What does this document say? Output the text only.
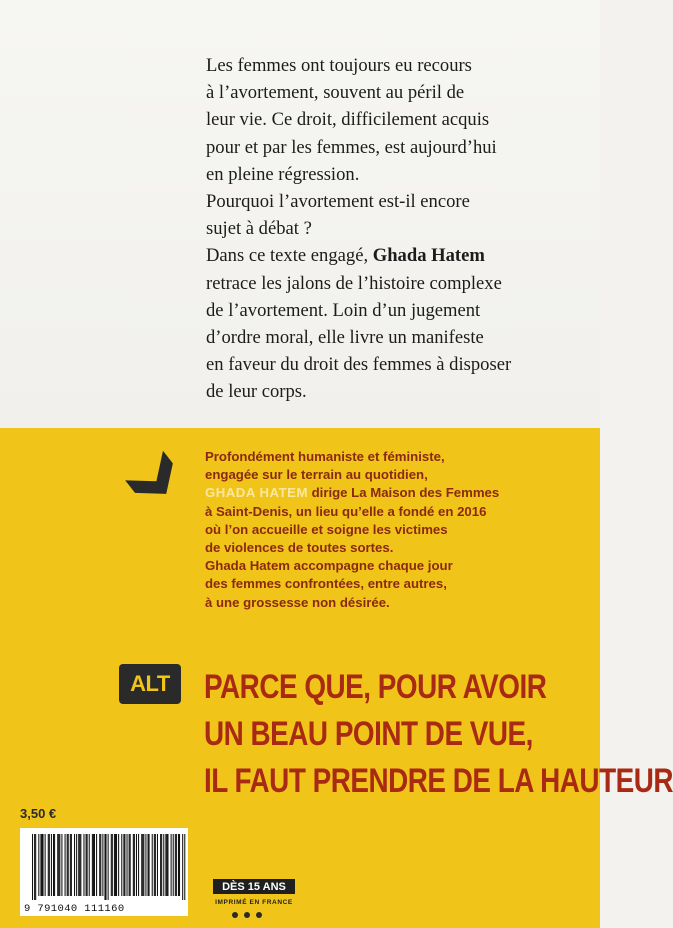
Les femmes ont toujours eu recours

à l’avortement, souvent au péril de

leur vie. Ce droit, difficilement acquis

pour et par les femmes, est aujourd’hui

en pleine régression.

Pourquoi l’avortement est-il encore

sujet à débat ?

Dans ce texte engagé, Ghada Hatem

retrace les jalons de l’histoire complexe

de l’avortement. Loin d’un jugement

d’ordre moral, elle livre un manifeste

en faveur du droit des femmes à disposer

de leur corps.

Profondément humaniste et féministe,

engagée sur le terrain au quotidien,

GHADA HATEM dirige La Maison des Femmes

à Saint-Denis, un lieu qu’elle a fondé en 2016

où l’on accueille et soigne les victimes

de violences de toutes sortes.

Ghada Hatem accompagne chaque jour

des femmes confrontées, entre autres,

à une grossesse non désirée.

ALT	PARCE QUE, POUR AVOIR
UN BEAU POINT DE VUE,
IL FAUT PRENDRE DE LA HAUTEUR
3,50 €
9 791040 111160
DÈS 15 ANS
IMPRIMÉ EN FRANCE
